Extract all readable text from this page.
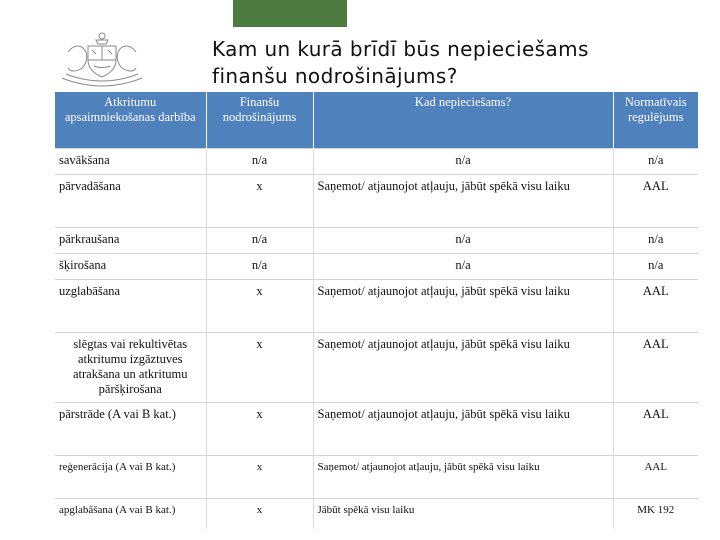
Kam un kurā brīdī būs nepieciešams
finanšu nodrošinājums?
Atkritumu apsaimniekošanas darbība	Finanšu nodrošinājums	Kad nepieciešams?	Normatīvais regulējums
savākšana	n/a	n/a	n/a
pārvadāšana	x	Saņemot/ atjaunojot atļauju, jābūt spēkā visu laiku	AAL
pārkraušana	n/a	n/a	n/a
šķirošana	n/a	n/a	n/a
uzglabāšana	x	Saņemot/ atjaunojot atļauju, jābūt spēkā visu laiku	AAL
slēgtas vai rekultivētas atkritumu izgāztuves atrakšana un atkritumu pāršķirošana	x	Saņemot/ atjaunojot atļauju, jābūt spēkā visu laiku	AAL
pārstrāde (A vai B kat.)	x	Saņemot/ atjaunojot atļauju, jābūt spēkā visu laiku	AAL
reģenerācija (A vai B kat.)	x	Saņemot/ atjaunojot atļauju, jābūt spēkā visu laiku	AAL
apglabāšana (A vai B kat.)	x	Jābūt spēkā visu laiku	MK 192
